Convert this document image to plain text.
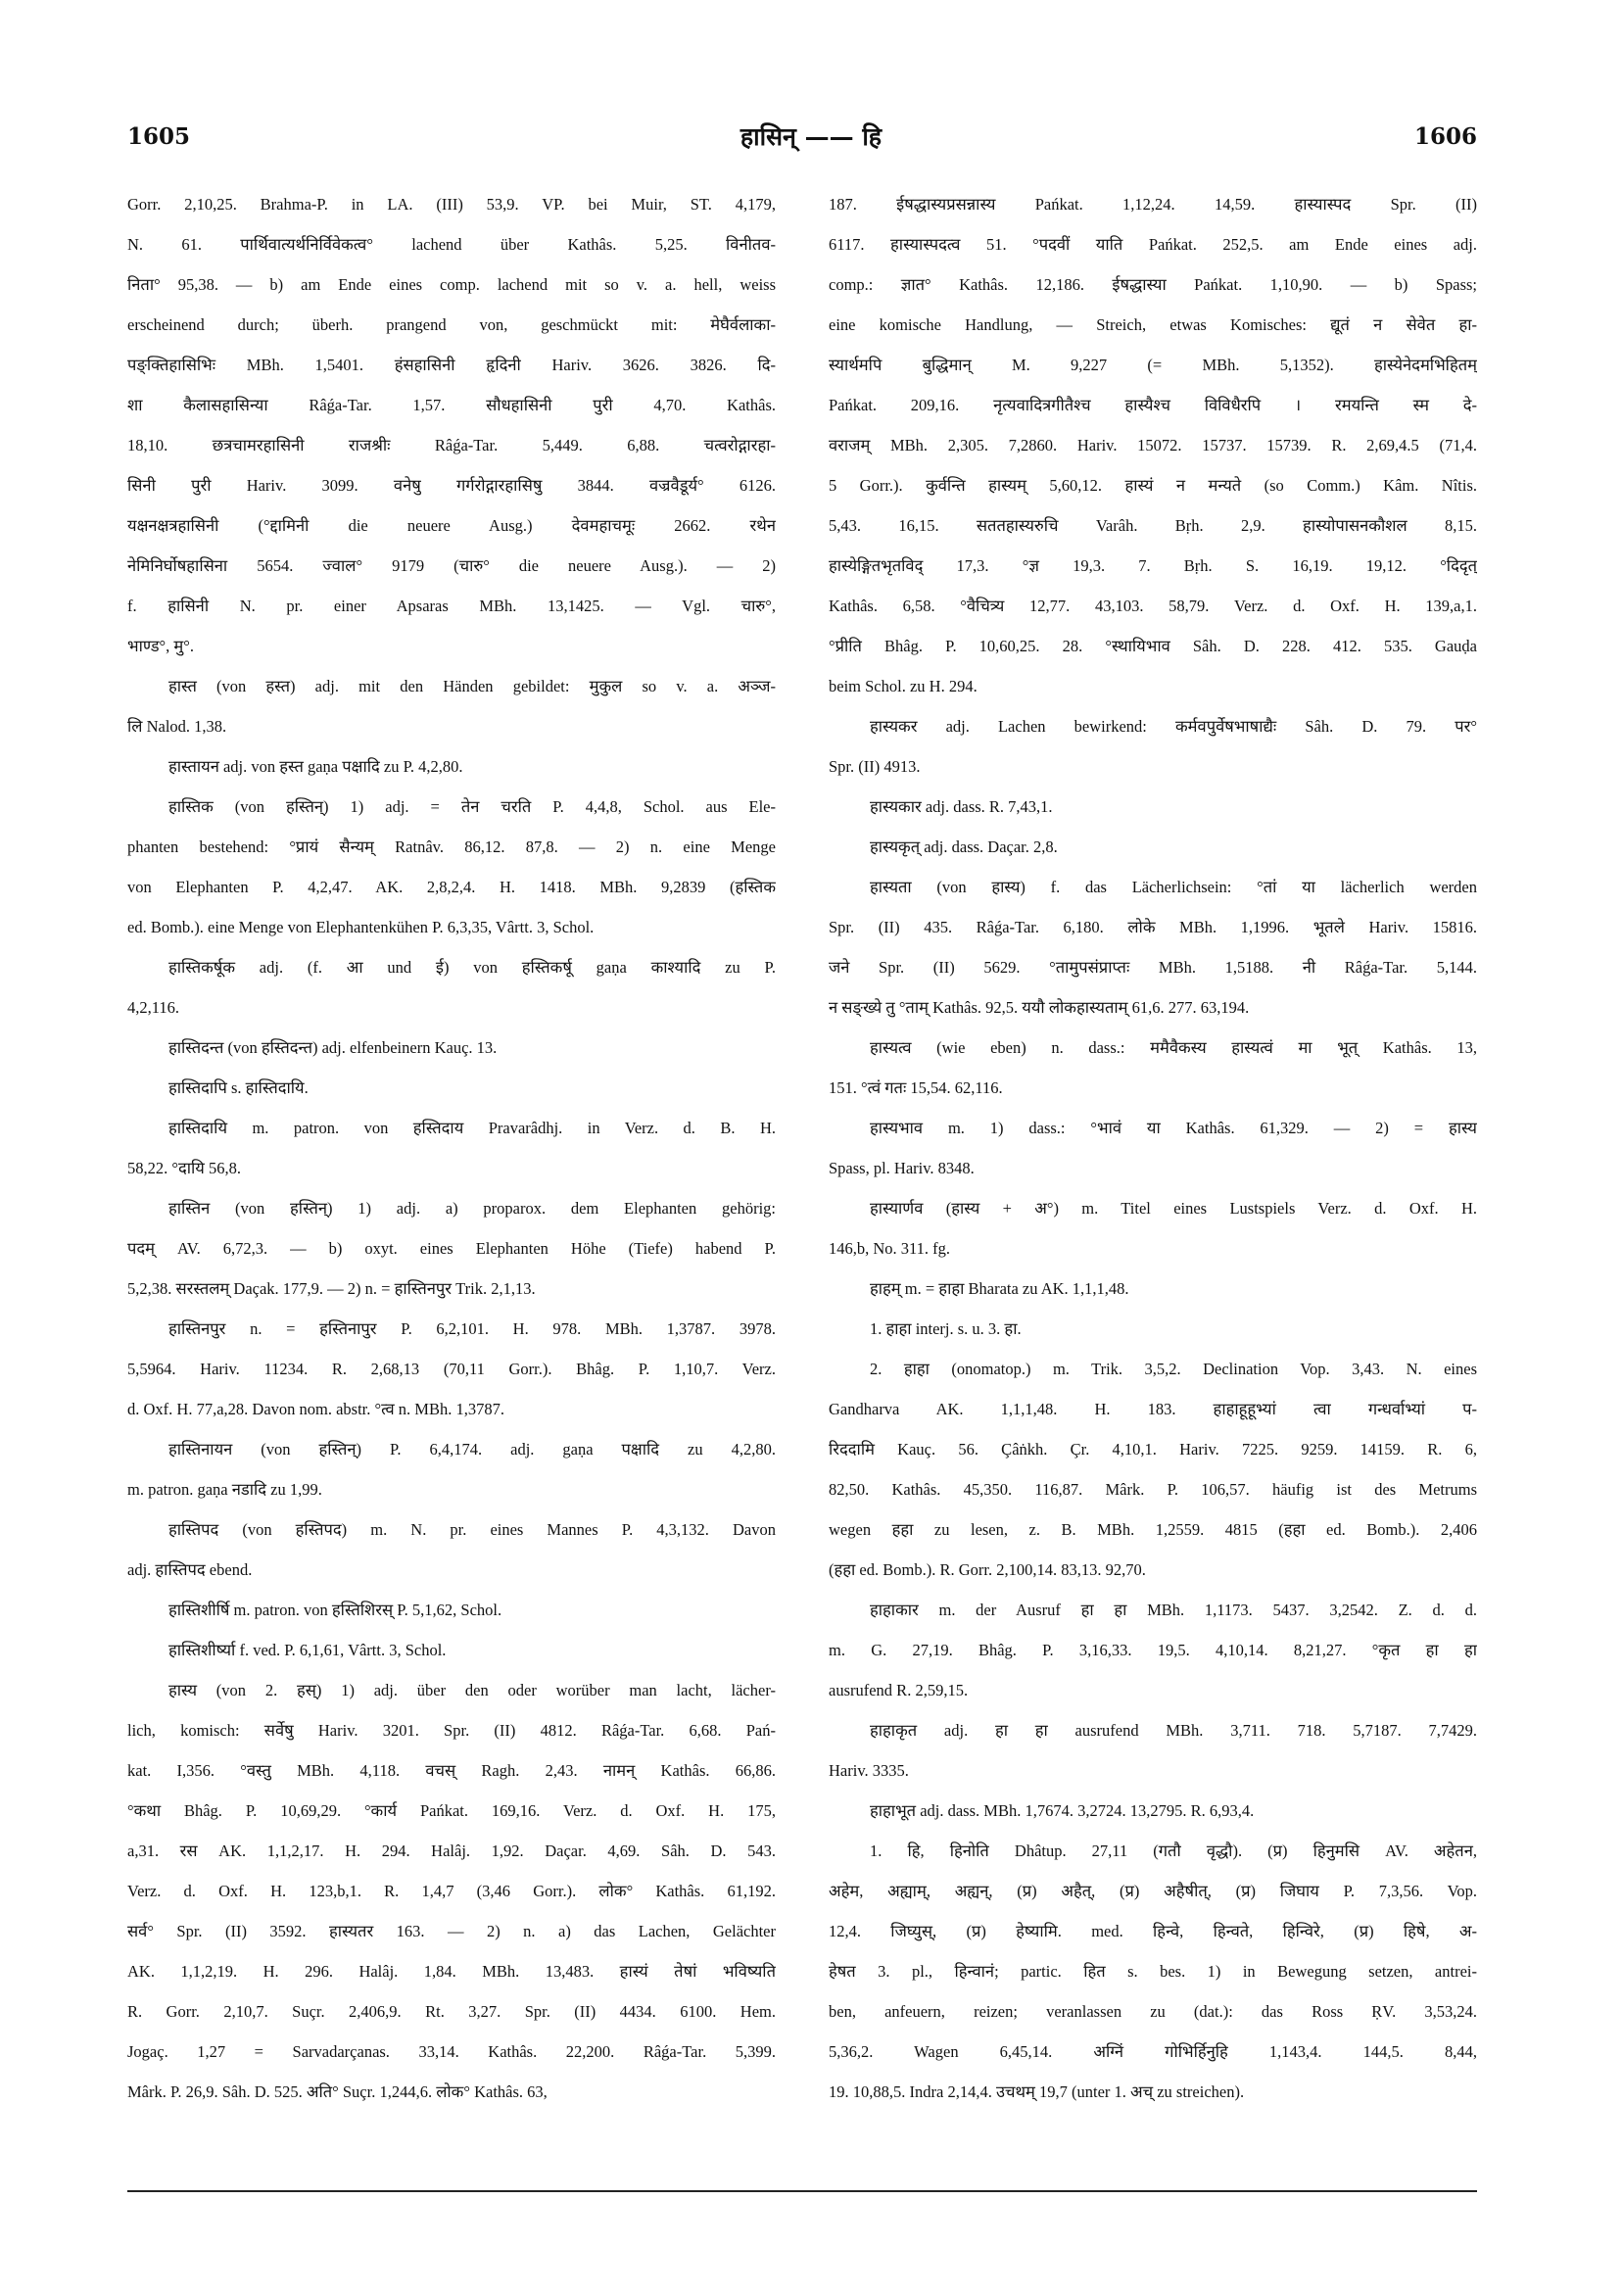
1605	हासिन् —— हि	1606
Gorr. 2,10,25. Brahma-P. in LA. (III) 53,9. VP. bei Muir, ST. 4,179,
N. 61. पार्थिवात्यर्थनिर्विवेकत्व° lachend über Kathâs. 5,25. विनीतव-
निता° 95,38. — b) am Ende eines comp. lachend mit so v. a. hell, weiss
erscheinend durch; überh. prangend von, geschmückt mit: मेघैर्वलाका-
पङ्क्तिहासिभिः MBh. 1,5401. हंसहासिनी हृदिनी Hariv. 3626. 3826. दि-
शा कैलासहासिन्या Râǵa-Tar. 1,57. सौधहासिनी पुरी 4,70. Kathâs.
18,10. छत्रचामरहासिनी राजश्रीः Râǵa-Tar. 5,449. 6,88. चत्वरोद्गारहा-
सिनी पुरी Hariv. 3099. वनेषु गर्गरोद्गारहासिषु 3844. वज्रवैडूर्य° 6126.
यक्षनक्षत्रहासिनी (°द्दामिनी die neuere Ausg.) देवमहाचमूः 2662. रथेन
नेमिनिर्घोषहासिना 5654. ज्वाल° 9179 (चारु° die neuere Ausg.). — 2)
f. हासिनी N. pr. einer Apsaras MBh. 13,1425. — Vgl. चारु°,
भाण्ड°, मु°.
हास्त (von हस्त) adj. mit den Händen gebildet: मुकुल so v. a. अञ्ज-
लि Nalod. 1,38.
हास्तायन adj. von हस्त gaṇa पक्षादि zu P. 4,2,80.
हास्तिक (von हस्तिन्) 1) adj. = तेन चरति P. 4,4,8, Schol. aus Ele-
phanten bestehend: °प्रायं सैन्यम् Ratnâv. 86,12. 87,8. — 2) n. eine Menge
von Elephanten P. 4,2,47. AK. 2,8,2,4. H. 1418. MBh. 9,2839 (हस्तिक
ed. Bomb.). eine Menge von Elephantenkühen P. 6,3,35, Vârtt. 3, Schol.
हास्तिकर्षूक adj. (f. आ und ई) von हस्तिकर्षू gaṇa काश्यादि zu P.
4,2,116.
हास्तिदन्त (von हस्तिदन्त) adj. elfenbeinern Kauç. 13.
हास्तिदापि s. हास्तिदायि.
हास्तिदायि m. patron. von हस्तिदाय Pravarâdhj. in Verz. d. B. H.
58,22. °दायि 56,8.
हास्तिन (von हस्तिन्) 1) adj. a) proparox. dem Elephanten gehörig:
पदम् AV. 6,72,3. — b) oxyt. eines Elephanten Höhe (Tiefe) habend P.
5,2,38. सरस्तलम् Daçak. 177,9. — 2) n. = हास्तिनपुर Trik. 2,1,13.
हास्तिनपुर n. = हस्तिनापुर P. 6,2,101. H. 978. MBh. 1,3787. 3978.
5,5964. Hariv. 11234. R. 2,68,13 (70,11 Gorr.). Bhâg. P. 1,10,7. Verz.
d. Oxf. H. 77,a,28. Davon nom. abstr. °त्व n. MBh. 1,3787.
हास्तिनायन (von हस्तिन्) P. 6,4,174. adj. gaṇa पक्षादि zu 4,2,80.
m. patron. gaṇa नडादि zu 1,99.
हास्तिपद (von हस्तिपद) m. N. pr. eines Mannes P. 4,3,132. Davon
adj. हास्तिपद ebend.
हास्तिशीर्षि m. patron. von हस्तिशिरस् P. 5,1,62, Schol.
हास्तिशीर्ष्या f. ved. P. 6,1,61, Vârtt. 3, Schol.
हास्य (von 2. हस्) 1) adj. über den oder worüber man lacht, lächer-
lich, komisch: सर्वेषु Hariv. 3201. Spr. (II) 4812. Râǵa-Tar. 6,68. Pań-
kat. I,356. °वस्तु MBh. 4,118. वचस् Ragh. 2,43. नामन् Kathâs. 66,86.
°कथा Bhâg. P. 10,69,29. °कार्य Pańkat. 169,16. Verz. d. Oxf. H. 175,
a,31. रस AK. 1,1,2,17. H. 294. Halâj. 1,92. Daçar. 4,69. Sâh. D. 543.
Verz. d. Oxf. H. 123,b,1. R. 1,4,7 (3,46 Gorr.). लोक° Kathâs. 61,192.
सर्व° Spr. (II) 3592. हास्यतर 163. — 2) n. a) das Lachen, Gelächter
AK. 1,1,2,19. H. 296. Halâj. 1,84. MBh. 13,483. हास्यं तेषां भविष्यति
R. Gorr. 2,10,7. Suçr. 2,406,9. Rt. 3,27. Spr. (II) 4434. 6100. Hem.
Jogaç. 1,27 = Sarvadarçanas. 33,14. Kathâs. 22,200. Râǵa-Tar. 5,399.
Mârk. P. 26,9. Sâh. D. 525. अति° Suçr. 1,244,6. लोक° Kathâs. 63,
187. ईषद्धास्यप्रसन्नास्य Pańkat. 1,12,24. 14,59. हास्यास्पद Spr. (II)
6117. हास्यास्पदत्व 51. °पदवीं याति Pańkat. 252,5. am Ende eines adj.
comp.: ज्ञात° Kathâs. 12,186. ईषद्धास्या Pańkat. 1,10,90. — b) Spass;
eine komische Handlung, — Streich, etwas Komisches: द्यूतं न सेवेत हा-
स्यार्थमपि बुद्धिमान् M. 9,227 (= MBh. 5,1352). हास्येनेदमभिहितम्
Pańkat. 209,16. नृत्यवादित्रगीतैश्च हास्यैश्च विविधैरपि । रमयन्ति स्म दे-
वराजम् MBh. 2,305. 7,2860. Hariv. 15072. 15737. 15739. R. 2,69,4.5 (71,4.
5 Gorr.). कुर्वन्ति हास्यम् 5,60,12. हास्यं न मन्यते (so Comm.) Kâm. Nîtis.
5,43. 16,15. सततहास्यरुचि Varâh. Bṛh. 2,9. हास्योपासनकौशल 8,15.
हास्येङ्गितभृतविद् 17,3. °ज्ञ 19,3. 7. Bṛh. S. 16,19. 19,12. °दिदृत्
Kathâs. 6,58. °वैचित्र्य 12,77. 43,103. 58,79. Verz. d. Oxf. H. 139,a,1.
°प्रीति Bhâg. P. 10,60,25. 28. °स्थायिभाव Sâh. D. 228. 412. 535. Gauḍa
beim Schol. zu H. 294.
हास्यकर adj. Lachen bewirkend: कर्मवपुर्वेषभाषाद्यैः Sâh. D. 79. पर°
Spr. (II) 4913.
हास्यकार adj. dass. R. 7,43,1.
हास्यकृत् adj. dass. Daçar. 2,8.
हास्यता (von हास्य) f. das Lächerlichsein: °तां या lächerlich werden
Spr. (II) 435. Râǵa-Tar. 6,180. लोके MBh. 1,1996. भूतले Hariv. 15816.
जने Spr. (II) 5629. °तामुपसंप्राप्तः MBh. 1,5188. नी Râǵa-Tar. 5,144.
न सङ्ख्ये तु °ताम् Kathâs. 92,5. ययौ लोकहास्यताम् 61,6. 277. 63,194.
हास्यत्व (wie eben) n. dass.: ममैवैकस्य हास्यत्वं मा भूत् Kathâs. 13,
151. °त्वं गतः 15,54. 62,116.
हास्यभाव m. 1) dass.: °भावं या Kathâs. 61,329. — 2) = हास्य
Spass, pl. Hariv. 8348.
हास्यार्णव (हास्य + अ°) m. Titel eines Lustspiels Verz. d. Oxf. H.
146,b, No. 311. fg.
हाहम् m. = हाहा Bharata zu AK. 1,1,1,48.
1. हाहा interj. s. u. 3. हा.
2. हाहा (onomatop.) m. Trik. 3,5,2. Declination Vop. 3,43. N. eines
Gandharva AK. 1,1,1,48. H. 183. हाहाहूहूभ्यां त्वा गन्धर्वाभ्यां प-
रिददामि Kauç. 56. Çâṅkh. Çr. 4,10,1. Hariv. 7225. 9259. 14159. R. 6,
82,50. Kathâs. 45,350. 116,87. Mârk. P. 106,57. häufig ist des Metrums
wegen हहा zu lesen, z. B. MBh. 1,2559. 4815 (हहा ed. Bomb.). 2,406
(हहा ed. Bomb.). R. Gorr. 2,100,14. 83,13. 92,70.
हाहाकार m. der Ausruf हा हा MBh. 1,1173. 5437. 3,2542. Z. d. d.
m. G. 27,19. Bhâg. P. 3,16,33. 19,5. 4,10,14. 8,21,27. °कृत हा हा
ausrufend R. 2,59,15.
हाहाकृत adj. हा हा ausrufend MBh. 3,711. 718. 5,7187. 7,7429.
Hariv. 3335.
हाहाभूत adj. dass. MBh. 1,7674. 3,2724. 13,2795. R. 6,93,4.
1. हि, हिनोति Dhâtup. 27,11 (गतौ वृद्धौ). (प्र) हिनुमसि AV. अहेतन,
अहेम, अह्याम्, अह्यन्, (प्र) अहैत्, (प्र) अहैषीत्, (प्र) जिघाय P. 7,3,56. Vop.
12,4. जिघ्युस्, (प्र) हेष्यामि. med. हिन्वे, हिन्वते, हिन्विरे, (प्र) हिषे, अ-
हेषत 3. pl., हिन्वानं; partic. हित s. bes. 1) in Bewegung setzen, antrei-
ben, anfeuern, reizen; veranlassen zu (dat.): das Ross ṚV. 3,53,24.
5,36,2. Wagen 6,45,14. अग्निं गोभिर्हिनुहि 1,143,4. 144,5. 8,44,
19. 10,88,5. Indra 2,14,4. उचथम् 19,7 (unter 1. अच् zu streichen).
